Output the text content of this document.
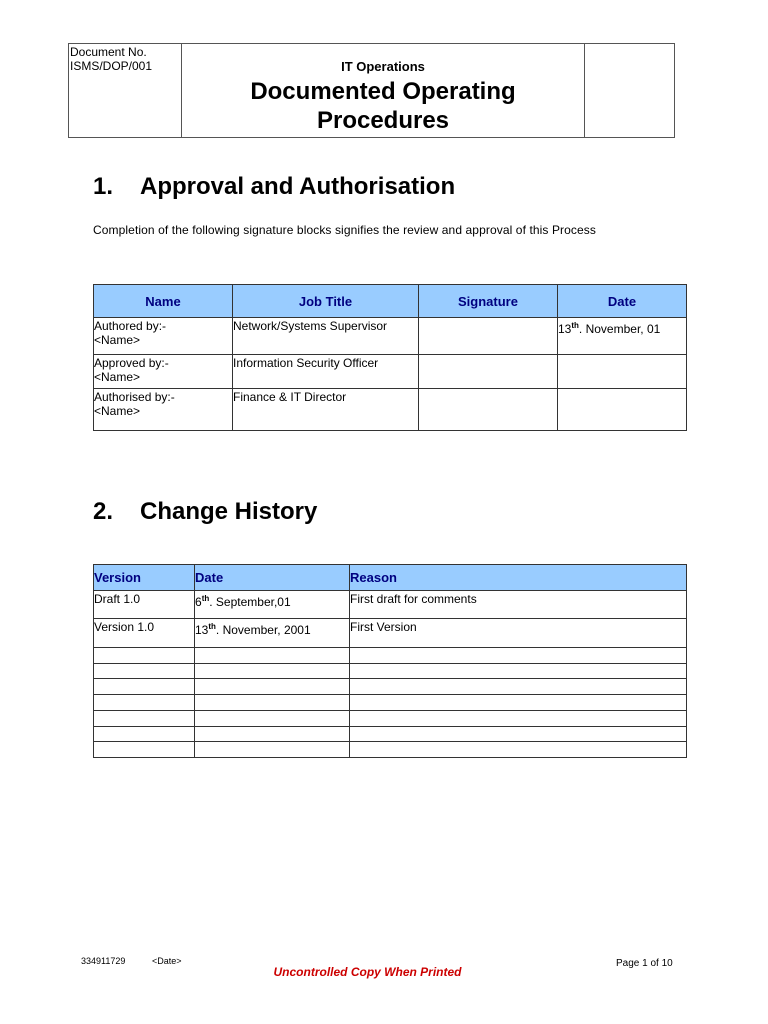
Document No.
ISMS/DOP/001	IT Operations
Documented Operating
Procedures

1. Approval and Authorisation

Completion of the following signature blocks signifies the review and approval of this Process

Name	Job Title	Signature	Date

Authored by:-
<Name>	Network/Systems Supervisor		13th. November, 01

Approved by:-
<Name>	Information Security Officer		

Authorised by:-
<Name>	Finance & IT Director		
2. Change History
Version	Date	Reason
Draft 1.0	6th. September,01	First draft for comments
Version 1.0	13th. November, 2001	First Version

334911729	<Date>	Page 1 of 10
Uncontrolled Copy When Printed
